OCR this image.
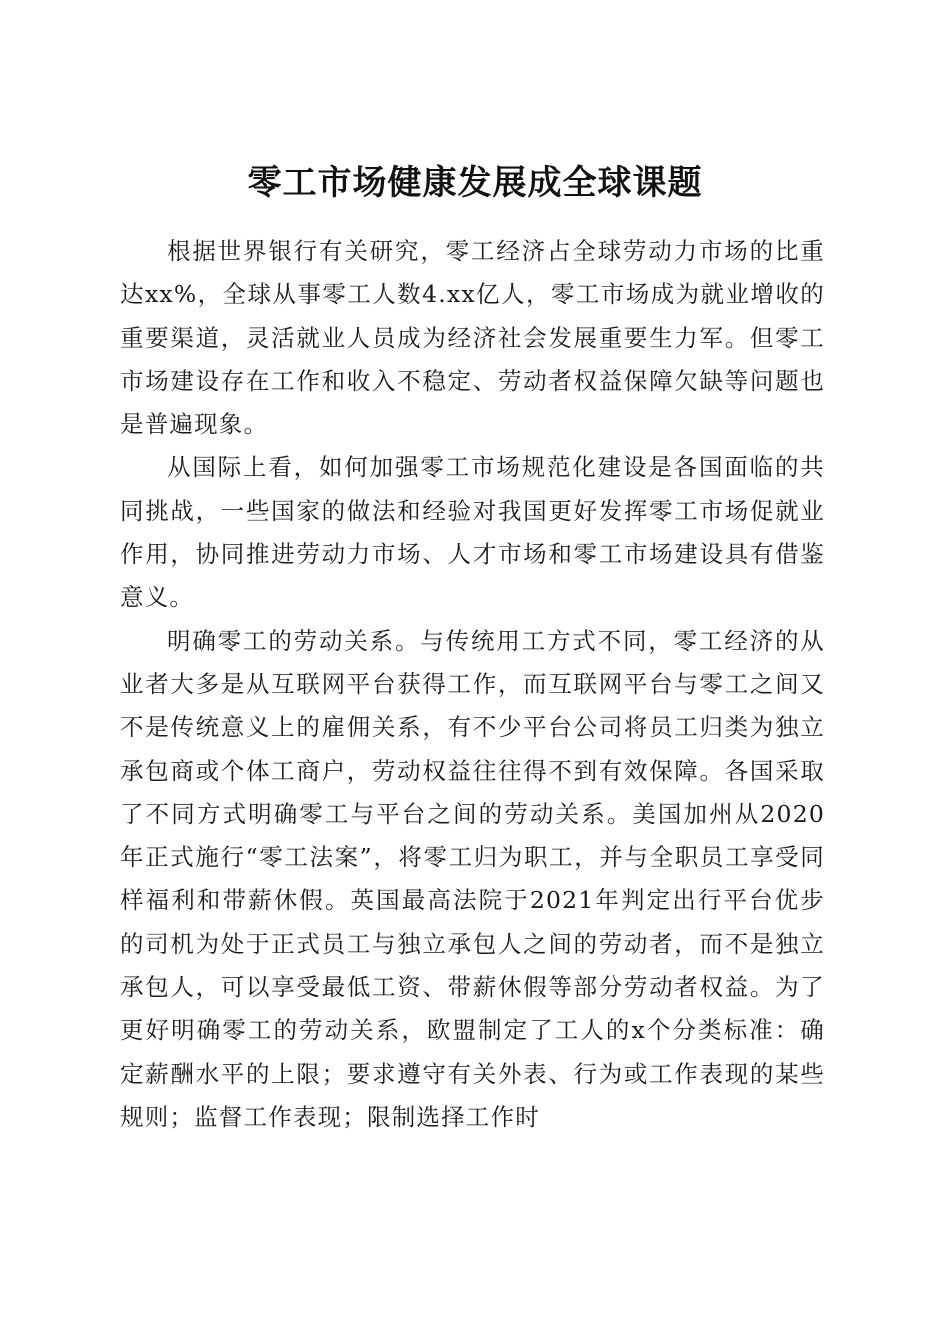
零工市场健康发展成全球课题

根据世界银行有关研究，零工经济占全球劳动力市场的比重达xx%，全球从事零工人数4.xx亿人，零工市场成为就业增收的重要渠道，灵活就业人员成为经济社会发展重要生力军。但零工市场建设存在工作和收入不稳定、劳动者权益保障欠缺等问题也是普遍现象。

从国际上看，如何加强零工市场规范化建设是各国面临的共同挑战，一些国家的做法和经验对我国更好发挥零工市场促就业作用，协同推进劳动力市场、人才市场和零工市场建设具有借鉴意义。

明确零工的劳动关系。与传统用工方式不同，零工经济的从业者大多是从互联网平台获得工作，而互联网平台与零工之间又不是传统意义上的雇佣关系，有不少平台公司将员工归类为独立承包商或个体工商户，劳动权益往往得不到有效保障。各国采取了不同方式明确零工与平台之间的劳动关系。美国加州从2020年正式施行“零工法案”，将零工归为职工，并与全职员工享受同样福利和带薪休假。英国最高法院于2021年判定出行平台优步的司机为处于正式员工与独立承包人之间的劳动者，而不是独立承包人，可以享受最低工资、带薪休假等部分劳动者权益。为了更好明确零工的劳动关系，欧盟制定了工人的x个分类标准：确定薪酬水平的上限；要求遵守有关外表、行为或工作表现的某些规则；监督工作表现；限制选择工作时
